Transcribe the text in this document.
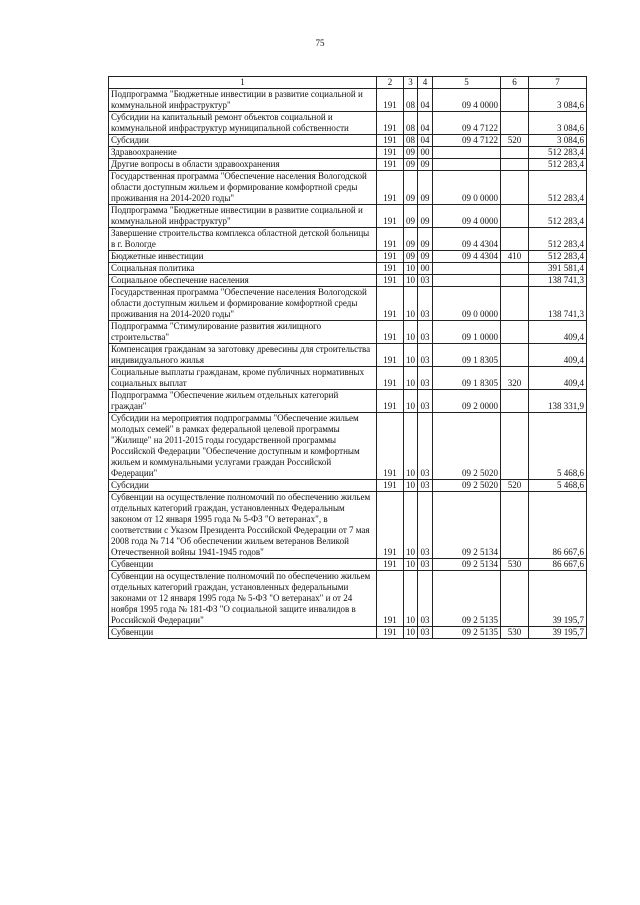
75
1	2	3	4	5	6	7
Подпрограмма "Бюджетные инвестиции в развитие социальной и коммунальной инфраструктур"	191	08	04	09 4 0000		3 084,6
Субсидии на капитальный ремонт объектов социальной и коммунальной инфраструктур муниципальной собственности	191	08	04	09 4 7122		3 084,6
Субсидии	191	08	04	09 4 7122	520	3 084,6
Здравоохранение	191	09	00			512 283,4
Другие вопросы в области здравоохранения	191	09	09			512 283,4
Государственная программа "Обеспечение населения Вологодской области доступным жильем и формирование комфортной среды проживания на 2014-2020 годы"	191	09	09	09 0 0000		512 283,4
Подпрограмма "Бюджетные инвестиции в развитие социальной и коммунальной инфраструктур"	191	09	09	09 4 0000		512 283,4
Завершение строительства комплекса областной детской больницы в г. Вологде	191	09	09	09 4 4304		512 283,4
Бюджетные инвестиции	191	09	09	09 4 4304	410	512 283,4
Социальная политика	191	10	00			391 581,4
Социальное обеспечение населения	191	10	03			138 741,3
Государственная программа "Обеспечение населения Вологодской области доступным жильем и формирование комфортной среды проживания на 2014-2020 годы"	191	10	03	09 0 0000		138 741,3
Подпрограмма "Стимулирование развития жилищного строительства"	191	10	03	09 1 0000		409,4
Компенсация гражданам за заготовку древесины для строительства индивидуального жилья	191	10	03	09 1 8305		409,4
Социальные выплаты гражданам, кроме публичных нормативных социальных выплат	191	10	03	09 1 8305	320	409,4
Подпрограмма "Обеспечение жильем отдельных категорий граждан"	191	10	03	09 2 0000		138 331,9
Субсидии на мероприятия подпрограммы "Обеспечение жильем молодых семей" в рамках федеральной целевой программы "Жилище" на 2011-2015 годы государственной программы Российской Федерации "Обеспечение доступным и комфортным жильем и коммунальными услугами граждан Российской Федерации"	191	10	03	09 2 5020		5 468,6
Субсидии	191	10	03	09 2 5020	520	5 468,6
Субвенции на осуществление полномочий по обеспечению жильем отдельных категорий граждан, установленных Федеральным законом от 12 января 1995 года № 5-ФЗ "О ветеранах", в соответствии с Указом Президента Российской Федерации от 7 мая 2008 года № 714 "Об обеспечении жильем ветеранов Великой Отечественной войны 1941-1945 годов"	191	10	03	09 2 5134		86 667,6
Субвенции	191	10	03	09 2 5134	530	86 667,6
Субвенции на осуществление полномочий по обеспечению жильем отдельных категорий граждан, установленных федеральными законами от 12 января 1995 года № 5-ФЗ "О ветеранах" и от 24 ноября 1995 года № 181-ФЗ "О социальной защите инвалидов в Российской Федерации"	191	10	03	09 2 5135		39 195,7
Субвенции	191	10	03	09 2 5135	530	39 195,7
